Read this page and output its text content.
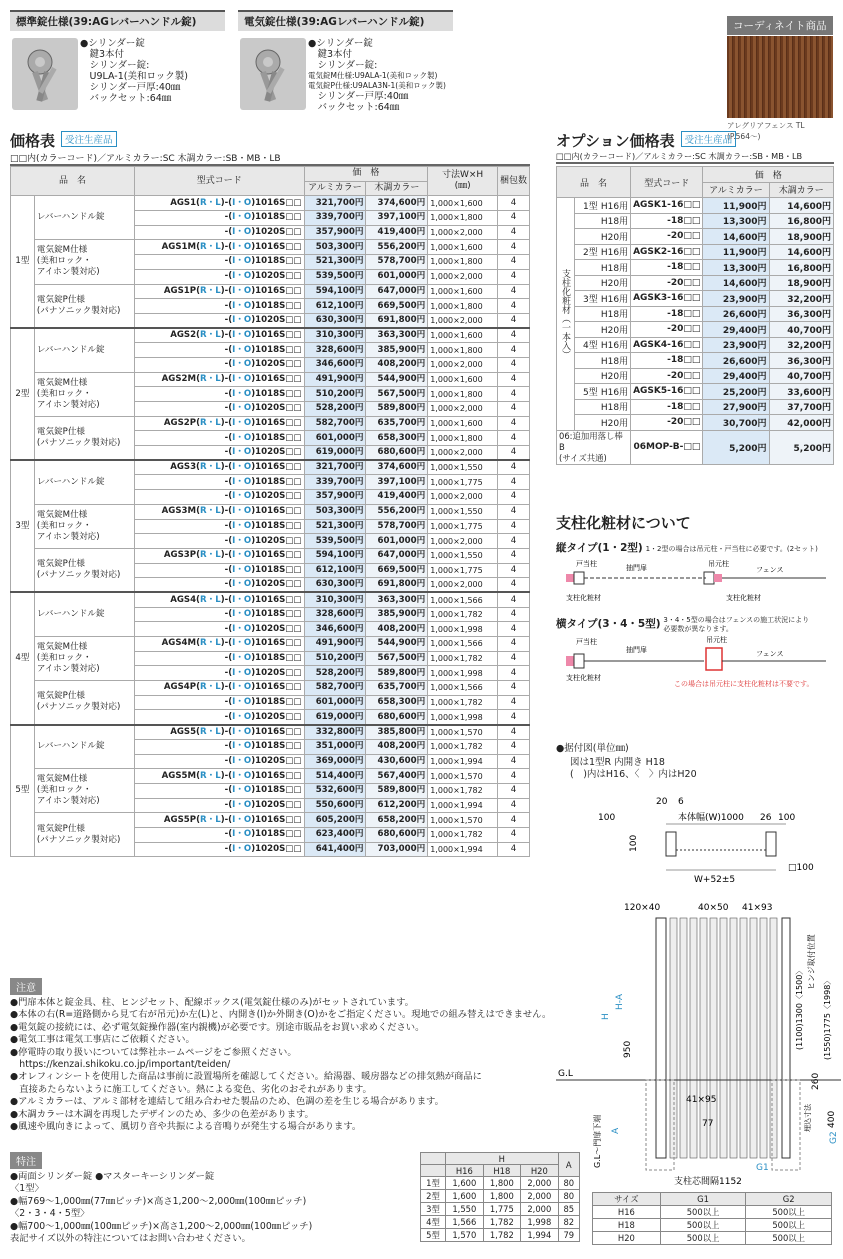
標準錠仕様(39:AGレバーハンドル錠)
●シリンダー錠
　鍵3本付
　シリンダー錠:
　U9LA-1(美和ロック製)
　シリンダー戸厚:40㎜
　バックセット:64㎜
電気錠仕様(39:AGレバーハンドル錠)
●シリンダー錠
　鍵3本付
　シリンダー錠:
電気錠M仕様:U9ALA-1(美和ロック製)
電気錠P仕様:U9ALA3N-1(美和ロック製)
　シリンダー戸厚:40㎜
　バックセット:64㎜
コーディネイト商品
アレグリアフェンス TL　(P.564〜)
価格表 受注生産品
□□内(カラーコード)／アルミカラー:SC 木調カラー:SB・MB・LB
品　名		型式コード	価　格		寸法W×H
(㎜)	梱包数
			アルミカラー	木調カラー		
1型	レバーハンドル錠	AGS1(R・L)-(I・O)1016S□□	321,700円	374,600円	1,000×1,600	4
		-(I・O)1018S□□	339,700円	397,100円	1,000×1,800	4
		-(I・O)1020S□□	357,900円	419,400円	1,000×2,000	4
	電気錠M仕様
(美和ロック・
アイホン製対応)	AGS1M(R・L)-(I・O)1016S□□	503,300円	556,200円	1,000×1,600	4
		-(I・O)1018S□□	521,300円	578,700円	1,000×1,800	4
		-(I・O)1020S□□	539,500円	601,000円	1,000×2,000	4
	電気錠P仕様
(パナソニック製対応)	AGS1P(R・L)-(I・O)1016S□□	594,100円	647,000円	1,000×1,600	4
		-(I・O)1018S□□	612,100円	669,500円	1,000×1,800	4
		-(I・O)1020S□□	630,300円	691,800円	1,000×2,000	4
2型	レバーハンドル錠	AGS2(R・L)-(I・O)1016S□□	310,300円	363,300円	1,000×1,600	4
		-(I・O)1018S□□	328,600円	385,900円	1,000×1,800	4
		-(I・O)1020S□□	346,600円	408,200円	1,000×2,000	4
	電気錠M仕様
(美和ロック・
アイホン製対応)	AGS2M(R・L)-(I・O)1016S□□	491,900円	544,900円	1,000×1,600	4
		-(I・O)1018S□□	510,200円	567,500円	1,000×1,800	4
		-(I・O)1020S□□	528,200円	589,800円	1,000×2,000	4
	電気錠P仕様
(パナソニック製対応)	AGS2P(R・L)-(I・O)1016S□□	582,700円	635,700円	1,000×1,600	4
		-(I・O)1018S□□	601,000円	658,300円	1,000×1,800	4
		-(I・O)1020S□□	619,000円	680,600円	1,000×2,000	4
3型	レバーハンドル錠	AGS3(R・L)-(I・O)1016S□□	321,700円	374,600円	1,000×1,550	4
		-(I・O)1018S□□	339,700円	397,100円	1,000×1,775	4
		-(I・O)1020S□□	357,900円	419,400円	1,000×2,000	4
	電気錠M仕様
(美和ロック・
アイホン製対応)	AGS3M(R・L)-(I・O)1016S□□	503,300円	556,200円	1,000×1,550	4
		-(I・O)1018S□□	521,300円	578,700円	1,000×1,775	4
		-(I・O)1020S□□	539,500円	601,000円	1,000×2,000	4
	電気錠P仕様
(パナソニック製対応)	AGS3P(R・L)-(I・O)1016S□□	594,100円	647,000円	1,000×1,550	4
		-(I・O)1018S□□	612,100円	669,500円	1,000×1,775	4
		-(I・O)1020S□□	630,300円	691,800円	1,000×2,000	4
4型	レバーハンドル錠	AGS4(R・L)-(I・O)1016S□□	310,300円	363,300円	1,000×1,566	4
		-(I・O)1018S□□	328,600円	385,900円	1,000×1,782	4
		-(I・O)1020S□□	346,600円	408,200円	1,000×1,998	4
	電気錠M仕様
(美和ロック・
アイホン製対応)	AGS4M(R・L)-(I・O)1016S□□	491,900円	544,900円	1,000×1,566	4
		-(I・O)1018S□□	510,200円	567,500円	1,000×1,782	4
		-(I・O)1020S□□	528,200円	589,800円	1,000×1,998	4
	電気錠P仕様
(パナソニック製対応)	AGS4P(R・L)-(I・O)1016S□□	582,700円	635,700円	1,000×1,566	4
		-(I・O)1018S□□	601,000円	658,300円	1,000×1,782	4
		-(I・O)1020S□□	619,000円	680,600円	1,000×1,998	4
5型	レバーハンドル錠	AGS5(R・L)-(I・O)1016S□□	332,800円	385,800円	1,000×1,570	4
		-(I・O)1018S□□	351,000円	408,200円	1,000×1,782	4
		-(I・O)1020S□□	369,000円	430,600円	1,000×1,994	4
	電気錠M仕様
(美和ロック・
アイホン製対応)	AGS5M(R・L)-(I・O)1016S□□	514,400円	567,400円	1,000×1,570	4
		-(I・O)1018S□□	532,600円	589,800円	1,000×1,782	4
		-(I・O)1020S□□	550,600円	612,200円	1,000×1,994	4
	電気錠P仕様
(パナソニック製対応)	AGS5P(R・L)-(I・O)1016S□□	605,200円	658,200円	1,000×1,570	4
		-(I・O)1018S□□	623,400円	680,600円	1,000×1,782	4
		-(I・O)1020S□□	641,400円	703,000円	1,000×1,994	4
オプション価格表 受注生産品
□□内(カラーコード)／アルミカラー:SC 木調カラー:SB・MB・LB
品　名		型式コード	価　格	
			アルミカラー	木調カラー
支柱化粧材（一本入）	1型 H16用	AGSK1-16□□	11,900円	14,600円
	H18用	-18□□	13,300円	16,800円
	H20用	-20□□	14,600円	18,900円

	2型 H16用	AGSK2-16□□	11,900円	14,600円
	H18用	-18□□	13,300円	16,800円
	H20用	-20□□	14,600円	18,900円

	3型 H16用	AGSK3-16□□	23,900円	32,200円
	H18用	-18□□	26,600円	36,300円
	H20用	-20□□	29,400円	40,700円

	4型 H16用	AGSK4-16□□	23,900円	32,200円
	H18用	-18□□	26,600円	36,300円
	H20用	-20□□	29,400円	40,700円

	5型 H16用	AGSK5-16□□	25,200円	33,600円
	H18用	-18□□	27,900円	37,700円
	H20用	-20□□	30,700円	42,000円
06:追加用落し棒B
(サイズ共通)		06MOP-B-□□	5,200円	5,200円
支柱化粧材について
縦タイプ(1・2型) 1・2型の場合は吊元柱・戸当柱に必要です。(2セット)
戸当柱	抽門扉	吊元柱
フェンス
支柱化粧材	支柱化粧材
横タイプ(3・4・5型) 3・4・5型の場合はフェンスの施工状況により
必要数が異なります。
戸当柱
抽門扉
吊元柱
フェンス
支柱化粧材
この場合は吊元柱に支柱化粧材は不要です。
●据付図(単位㎜)
図は1型R 内開き H18
(　)内はH16、〈　〉内はH20
20 6
100	本体幅(W)1000 26 100
100
W+52±5
□100
120×40	40×50 41×93
G.L
H
H-A
950
ヒンジ取付位置
(1100)1300〈1500〉 (1550)1775〈1998〉
260
400
埋込寸法
G2
41×95
77
G.L〜門扉下端 A
G1
支柱芯間隔1152
注意
●門扉本体と錠金具、柱、ヒンジセット、配線ボックス(電気錠仕様のみ)がセットされています。
●本体の右(R=道路側から見て右が吊元)か左(L)と、内開き(I)か外開き(O)かをご指定ください。現地での組み替えはできません。
●電気錠の接続には、必ず電気錠操作器(室内親機)が必要です。別途市販品をお買い求めください。
●電気工事は電気工事店にご依頼ください。
●停電時の取り扱いについては弊社ホームページをご参照ください。
　https://kenzai.shikoku.co.jp/important/teiden/
●オレフィンシートを使用した商品は事前に設置場所を確認してください。給湯器、暖房器などの排気熱が商品に
　直接あたらないように施工してください。熱による変色、劣化のおそれがあります。
●アルミカラーは、アルミ部材を連結して組み合わせた製品のため、色調の差を生じる場合があります。
●木調カラーは木調を再現したデザインのため、多少の色差があります。
●風速や風向きによって、風切り音や共振による音鳴りが発生する場合があります。
特注
●両面シリンダー錠 ●マスターキーシリンダー錠
〈1型〉
●幅769〜1,000㎜(77㎜ピッチ)×高さ1,200〜2,000㎜(100㎜ピッチ)
〈2・3・4・5型〉
●幅700〜1,000㎜(100㎜ピッチ)×高さ1,200〜2,000㎜(100㎜ピッチ)
表記サイズ以外の特注についてはお問い合わせください。
	H			A
	H16	H18	H20	
1型	1,600	1,800	2,000	80
2型	1,600	1,800	2,000	80
3型	1,550	1,775	2,000	85
4型	1,566	1,782	1,998	82
5型	1,570	1,782	1,994	79
サイズ	G1	G2
H16	500以上	500以上
H18	500以上	500以上
H20	500以上	500以上
